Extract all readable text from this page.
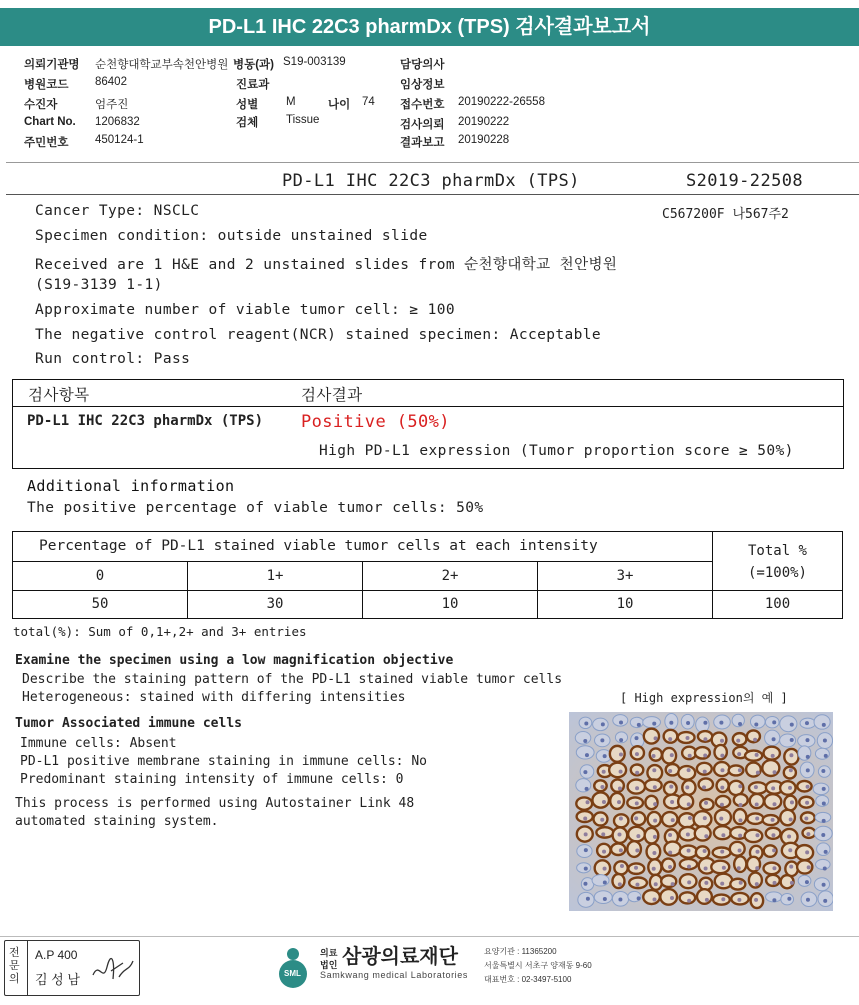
PD-L1 IHC 22C3 pharmDx (TPS) 검사결과보고서
의뢰기관명 순천향대학교부속천안병원 병동(과) S19-003139	담당의사
병원코드 86402	진료과	임상정보
수진자	엄주진	성별 M	나이 74 접수번호 20190222-26558
Chart No. 1206832	검체 Tissue	검사의뢰 20190222
주민번호 450124-1	결과보고 20190228
PD-L1 IHC 22C3 pharmDx (TPS)	S2019-22508
C567200F 나567주2
Cancer Type: NSCLC
Specimen condition: outside unstained slide
Received are 1 H&E and 2 unstained slides from 순천향대학교 천안병원
(S19-3139 1-1)
Approximate number of viable tumor cell: ≥ 100
The negative control reagent(NCR) stained specimen: Acceptable
Run control: Pass
검사항목	검사결과
PD-L1 IHC 22C3 pharmDx (TPS) Positive (50%)
High PD-L1 expression (Tumor proportion score ≥ 50%)
Additional information
The positive percentage of viable tumor cells: 50%
Percentage of PD-L1 stained viable tumor cells at each intensity	Total %
(=100%)
0	1+	2+	3+
50	30	10	10	100
total(%): Sum of 0,1+,2+ and 3+ entries
Examine the specimen using a low magnification objective
Describe the staining pattern of the PD-L1 stained viable tumor cells
Heterogeneous: stained with differing intensities	[ High expression의 예 ]
Tumor Associated immune cells
Immune cells: Absent
PD-L1 positive membrane staining in immune cells: No
Predominant staining intensity of immune cells: 0
This process is performed using Autostainer Link 48
automated staining system.
전문의
A.P 400
김 성 남	SML
의료
법인 삼광의료재단
Samkwang medical Laboratories
요양기관 : 11365200
서울특별시 서초구 양재동 9-60
대표번호 : 02-3497-5100
